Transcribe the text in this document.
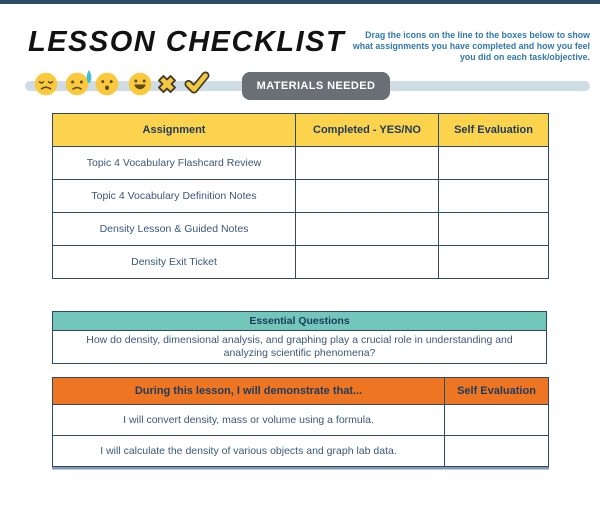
LESSON CHECKLIST	Drag the icons on the line to the boxes below to show what assignments you have completed and how you feel you did on each task/objective.
MATERIALS NEEDED
Assignment	Completed - YES/NO	Self Evaluation
Topic 4 Vocabulary Flashcard Review		
Topic 4 Vocabulary Definition Notes		
Density Lesson & Guided Notes		
Density Exit Ticket		
Essential Questions
How do density, dimensional analysis, and graphing play a crucial role in understanding and analyzing scientific phenomena?
During this lesson, I will demonstrate that...	Self Evaluation
I will convert density, mass or volume using a formula.	
I will calculate the density of various objects and graph lab data.	
